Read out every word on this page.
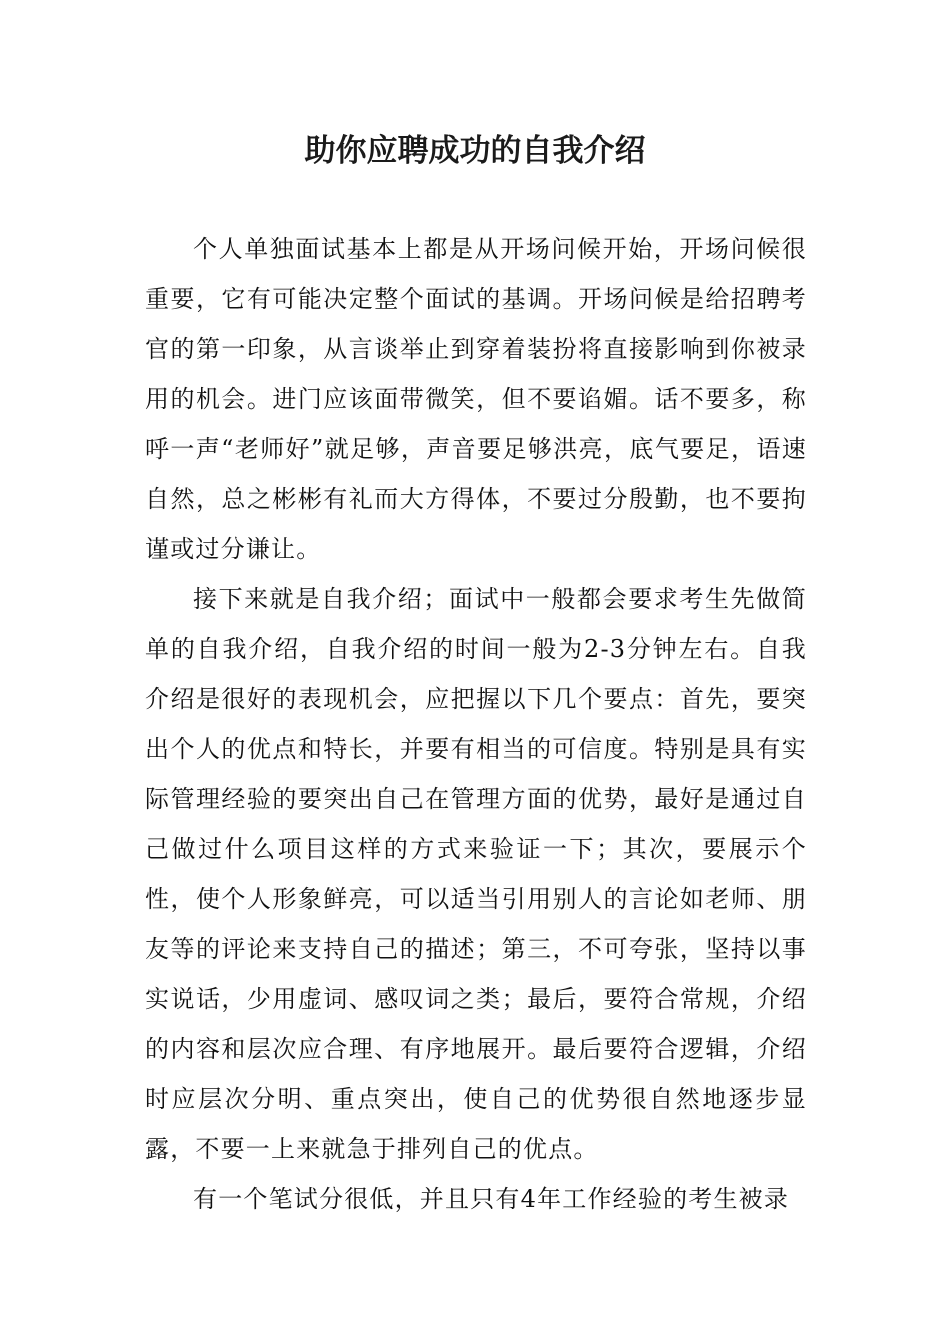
助你应聘成功的自我介绍

个人单独面试基本上都是从开场问候开始，开场问候很重要，它有可能决定整个面试的基调。开场问候是给招聘考官的第一印象，从言谈举止到穿着装扮将直接影响到你被录用的机会。进门应该面带微笑，但不要谄媚。话不要多，称呼一声“老师好”就足够，声音要足够洪亮，底气要足，语速自然，总之彬彬有礼而大方得体，不要过分殷勤，也不要拘谨或过分谦让。

接下来就是自我介绍；面试中一般都会要求考生先做简单的自我介绍，自我介绍的时间一般为2-3分钟左右。自我介绍是很好的表现机会，应把握以下几个要点：首先，要突出个人的优点和特长，并要有相当的可信度。特别是具有实际管理经验的要突出自己在管理方面的优势，最好是通过自己做过什么项目这样的方式来验证一下；其次，要展示个性，使个人形象鲜亮，可以适当引用别人的言论如老师、朋友等的评论来支持自己的描述；第三，不可夸张，坚持以事实说话，少用虚词、感叹词之类；最后，要符合常规，介绍的内容和层次应合理、有序地展开。最后要符合逻辑，介绍时应层次分明、重点突出，使自己的优势很自然地逐步显露，不要一上来就急于排列自己的优点。

有一个笔试分很低，并且只有4年工作经验的考生被录
